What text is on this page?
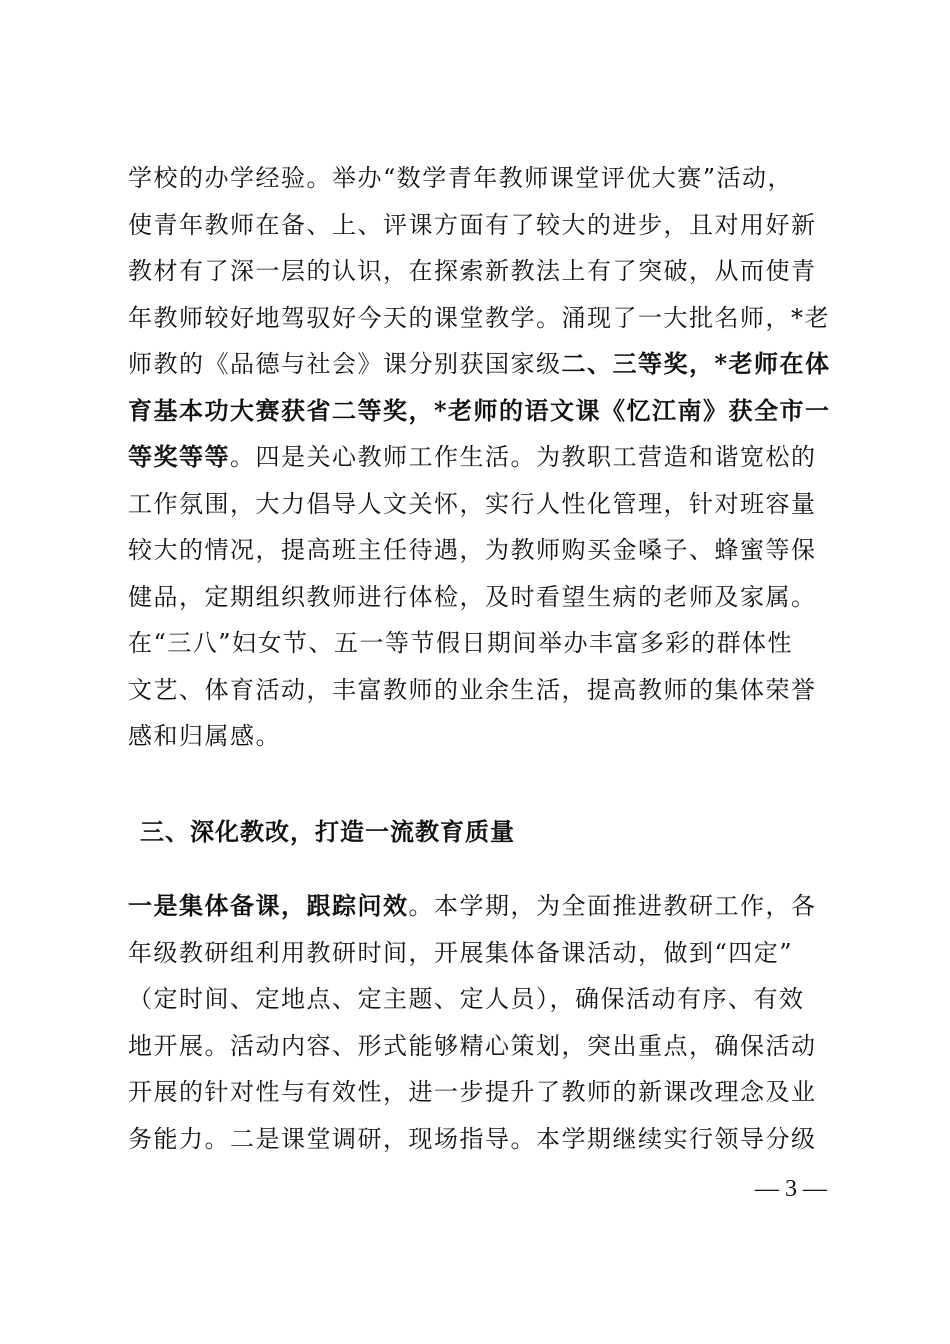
学校的办学经验。举办“数学青年教师课堂评优大赛”活动，
使青年教师在备、上、评课方面有了较大的进步，且对用好新
教材有了深一层的认识，在探索新教法上有了突破，从而使青
年教师较好地驾驭好今天的课堂教学。涌现了一大批名师，*老
师教的《品德与社会》课分别获国家级二、三等奖，*老师在体
育基本功大赛获省二等奖，*老师的语文课《忆江南》获全市一
等奖等等。四是关心教师工作生活。为教职工营造和谐宽松的
工作氛围，大力倡导人文关怀，实行人性化管理，针对班容量
较大的情况，提高班主任待遇，为教师购买金嗓子、蜂蜜等保
健品，定期组织教师进行体检，及时看望生病的老师及家属。
在“三八”妇女节、五一等节假日期间举办丰富多彩的群体性
文艺、体育活动，丰富教师的业余生活，提高教师的集体荣誉
感和归属感。
三、深化教改，打造一流教育质量
一是集体备课，跟踪问效。本学期，为全面推进教研工作，各
年级教研组利用教研时间，开展集体备课活动，做到“四定”
（定时间、定地点、定主题、定人员），确保活动有序、有效
地开展。活动内容、形式能够精心策划，突出重点，确保活动
开展的针对性与有效性，进一步提升了教师的新课改理念及业
务能力。二是课堂调研，现场指导。本学期继续实行领导分级
— 3 —
